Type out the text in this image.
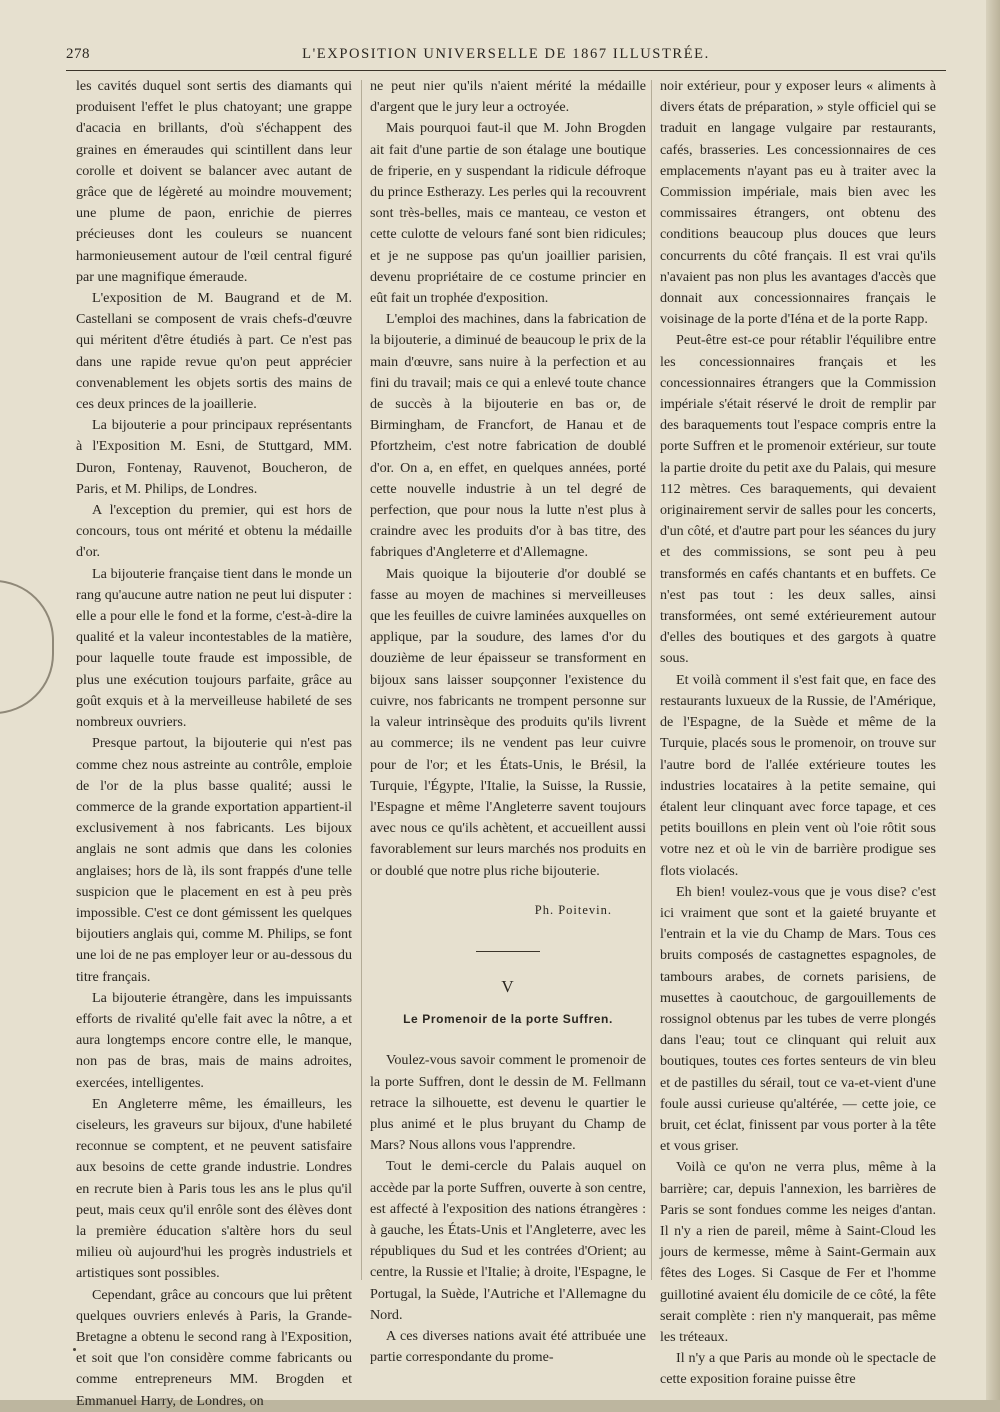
278	L'EXPOSITION UNIVERSELLE DE 1867 ILLUSTRÉE.

les cavités duquel sont sertis des diamants qui produisent l'effet le plus chatoyant; une grappe d'acacia en brillants, d'où s'échappent des graines en émeraudes qui scintillent dans leur corolle et doivent se balancer avec autant de grâce que de légèreté au moindre mouvement; une plume de paon, enrichie de pierres précieuses dont les couleurs se nuancent harmonieusement autour de l'œil central figuré par une magnifique émeraude.

L'exposition de M. Baugrand et de M. Castellani se composent de vrais chefs-d'œuvre qui méritent d'être étudiés à part. Ce n'est pas dans une rapide revue qu'on peut apprécier convenablement les objets sortis des mains de ces deux princes de la joaillerie.

La bijouterie a pour principaux représentants à l'Exposition M. Esni, de Stuttgard, MM. Duron, Fontenay, Rauvenot, Boucheron, de Paris, et M. Philips, de Londres.

A l'exception du premier, qui est hors de concours, tous ont mérité et obtenu la médaille d'or.

La bijouterie française tient dans le monde un rang qu'aucune autre nation ne peut lui disputer : elle a pour elle le fond et la forme, c'est-à-dire la qualité et la valeur incontestables de la matière, pour laquelle toute fraude est impossible, de plus une exécution toujours parfaite, grâce au goût exquis et à la merveilleuse habileté de ses nombreux ouvriers.

Presque partout, la bijouterie qui n'est pas comme chez nous astreinte au contrôle, emploie de l'or de la plus basse qualité; aussi le commerce de la grande exportation appartient-il exclusivement à nos fabricants. Les bijoux anglais ne sont admis que dans les colonies anglaises; hors de là, ils sont frappés d'une telle suspicion que le placement en est à peu près impossible. C'est ce dont gémissent les quelques bijoutiers anglais qui, comme M. Philips, se font une loi de ne pas employer leur or au-dessous du titre français.

La bijouterie étrangère, dans les impuissants efforts de rivalité qu'elle fait avec la nôtre, a et aura longtemps encore contre elle, le manque, non pas de bras, mais de mains adroites, exercées, intelligentes.

En Angleterre même, les émailleurs, les ciseleurs, les graveurs sur bijoux, d'une habileté reconnue se comptent, et ne peuvent satisfaire aux besoins de cette grande industrie. Londres en recrute bien à Paris tous les ans le plus qu'il peut, mais ceux qu'il enrôle sont des élèves dont la première éducation s'altère hors du seul milieu où aujourd'hui les progrès industriels et artistiques sont possibles.

Cependant, grâce au concours que lui prêtent quelques ouvriers enlevés à Paris, la Grande-Bretagne a obtenu le second rang à l'Exposition, et soit que l'on considère comme fabricants ou comme entrepreneurs MM. Brogden et Emmanuel Harry, de Londres, on

ne peut nier qu'ils n'aient mérité la médaille d'argent que le jury leur a octroyée.

Mais pourquoi faut-il que M. John Brogden ait fait d'une partie de son étalage une boutique de friperie, en y suspendant la ridicule défroque du prince Estherazy. Les perles qui la recouvrent sont très-belles, mais ce manteau, ce veston et cette culotte de velours fané sont bien ridicules; et je ne suppose pas qu'un joaillier parisien, devenu propriétaire de ce costume princier en eût fait un trophée d'exposition.

L'emploi des machines, dans la fabrication de la bijouterie, a diminué de beaucoup le prix de la main d'œuvre, sans nuire à la perfection et au fini du travail; mais ce qui a enlevé toute chance de succès à la bijouterie en bas or, de Birmingham, de Francfort, de Hanau et de Pfortzheim, c'est notre fabrication de doublé d'or. On a, en effet, en quelques années, porté cette nouvelle industrie à un tel degré de perfection, que pour nous la lutte n'est plus à craindre avec les produits d'or à bas titre, des fabriques d'Angleterre et d'Allemagne.

Mais quoique la bijouterie d'or doublé se fasse au moyen de machines si merveilleuses que les feuilles de cuivre laminées auxquelles on applique, par la soudure, des lames d'or du douzième de leur épaisseur se transforment en bijoux sans laisser soupçonner l'existence du cuivre, nos fabricants ne trompent personne sur la valeur intrinsèque des produits qu'ils livrent au commerce; ils ne vendent pas leur cuivre pour de l'or; et les États-Unis, le Brésil, la Turquie, l'Égypte, l'Italie, la Suisse, la Russie, l'Espagne et même l'Angleterre savent toujours avec nous ce qu'ils achètent, et accueillent aussi favorablement sur leurs marchés nos produits en or doublé que notre plus riche bijouterie.

Ph. Poitevin.
V
Le Promenoir de la porte Suffren.

Voulez-vous savoir comment le promenoir de la porte Suffren, dont le dessin de M. Fellmann retrace la silhouette, est devenu le quartier le plus animé et le plus bruyant du Champ de Mars? Nous allons vous l'apprendre.

Tout le demi-cercle du Palais auquel on accède par la porte Suffren, ouverte à son centre, est affecté à l'exposition des nations étrangères : à gauche, les États-Unis et l'Angleterre, avec les républiques du Sud et les contrées d'Orient; au centre, la Russie et l'Italie; à droite, l'Espagne, le Portugal, la Suède, l'Autriche et l'Allemagne du Nord.

A ces diverses nations avait été attribuée une partie correspondante du prome-

noir extérieur, pour y exposer leurs « aliments à divers états de préparation, » style officiel qui se traduit en langage vulgaire par restaurants, cafés, brasseries. Les concessionnaires de ces emplacements n'ayant pas eu à traiter avec la Commission impériale, mais bien avec les commissaires étrangers, ont obtenu des conditions beaucoup plus douces que leurs concurrents du côté français. Il est vrai qu'ils n'avaient pas non plus les avantages d'accès que donnait aux concessionnaires français le voisinage de la porte d'Iéna et de la porte Rapp.

Peut-être est-ce pour rétablir l'équilibre entre les concessionnaires français et les concessionnaires étrangers que la Commission impériale s'était réservé le droit de remplir par des baraquements tout l'espace compris entre la porte Suffren et le promenoir extérieur, sur toute la partie droite du petit axe du Palais, qui mesure 112 mètres. Ces baraquements, qui devaient originairement servir de salles pour les concerts, d'un côté, et d'autre part pour les séances du jury et des commissions, se sont peu à peu transformés en cafés chantants et en buffets. Ce n'est pas tout : les deux salles, ainsi transformées, ont semé extérieurement autour d'elles des boutiques et des gargots à quatre sous.

Et voilà comment il s'est fait que, en face des restaurants luxueux de la Russie, de l'Amérique, de l'Espagne, de la Suède et même de la Turquie, placés sous le promenoir, on trouve sur l'autre bord de l'allée extérieure toutes les industries locataires à la petite semaine, qui étalent leur clinquant avec force tapage, et ces petits bouillons en plein vent où l'oie rôtit sous votre nez et où le vin de barrière prodigue ses flots violacés.

Eh bien! voulez-vous que je vous dise? c'est ici vraiment que sont et la gaieté bruyante et l'entrain et la vie du Champ de Mars. Tous ces bruits composés de castagnettes espagnoles, de tambours arabes, de cornets parisiens, de musettes à caoutchouc, de gargouillements de rossignol obtenus par les tubes de verre plongés dans l'eau; tout ce clinquant qui reluit aux boutiques, toutes ces fortes senteurs de vin bleu et de pastilles du sérail, tout ce va-et-vient d'une foule aussi curieuse qu'altérée, — cette joie, ce bruit, cet éclat, finissent par vous porter à la tête et vous griser.

Voilà ce qu'on ne verra plus, même à la barrière; car, depuis l'annexion, les barrières de Paris se sont fondues comme les neiges d'antan. Il n'y a rien de pareil, même à Saint-Cloud les jours de kermesse, même à Saint-Germain aux fêtes des Loges. Si Casque de Fer et l'homme guillotiné avaient élu domicile de ce côté, la fête serait complète : rien n'y manquerait, pas même les tréteaux.

Il n'y a que Paris au monde où le spectacle de cette exposition foraine puisse être
